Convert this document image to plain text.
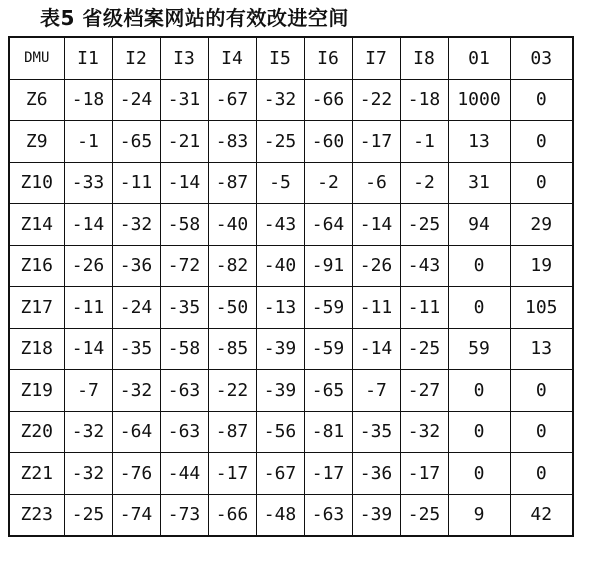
表5 省级档案网站的有效改进空间
DMU	I1	I2	I3	I4	I5	I6	I7	I8	01	03
Z6	-18	-24	-31	-67	-32	-66	-22	-18	1000	0
Z9	-1	-65	-21	-83	-25	-60	-17	-1	13	0
Z10	-33	-11	-14	-87	-5	-2	-6	-2	31	0
Z14	-14	-32	-58	-40	-43	-64	-14	-25	94	29
Z16	-26	-36	-72	-82	-40	-91	-26	-43	0	19
Z17	-11	-24	-35	-50	-13	-59	-11	-11	0	105
Z18	-14	-35	-58	-85	-39	-59	-14	-25	59	13
Z19	-7	-32	-63	-22	-39	-65	-7	-27	0	0
Z20	-32	-64	-63	-87	-56	-81	-35	-32	0	0
Z21	-32	-76	-44	-17	-67	-17	-36	-17	0	0
Z23	-25	-74	-73	-66	-48	-63	-39	-25	9	42
